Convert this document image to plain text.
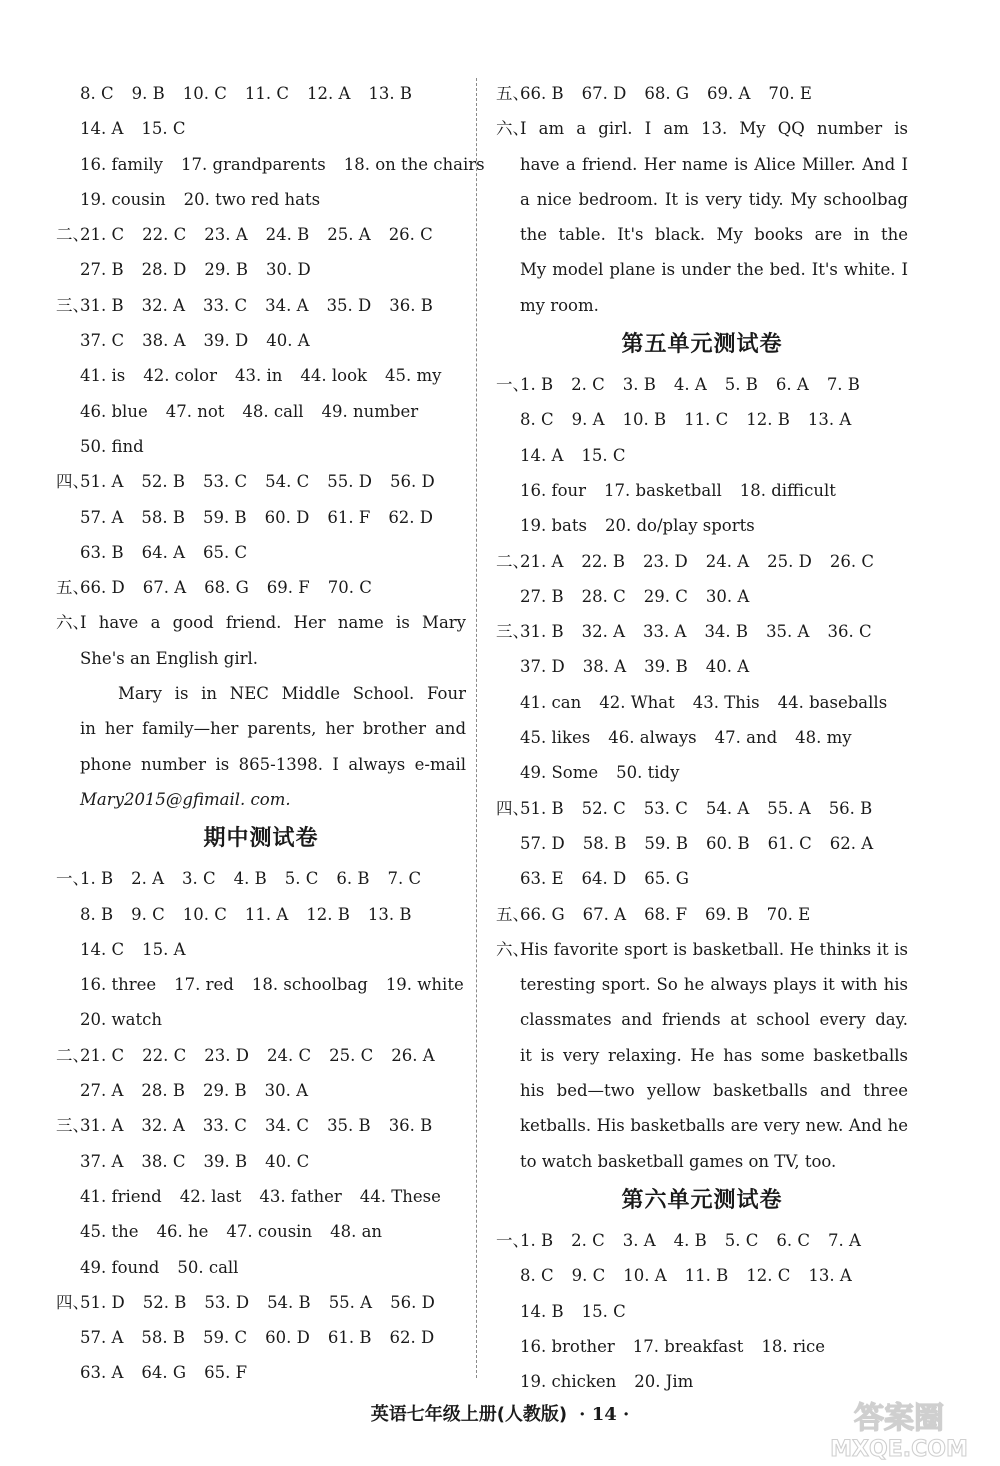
8. C 9. B 10. C 11. C 12. A 13. B
14. A 15. C
16. family 17. grandparents 18. on the chairs
19. cousin 20. two red hats
二、21. C 22. C 23. A 24. B 25. A 26. C
27. B 28. D 29. B 30. D
三、31. B 32. A 33. C 34. A 35. D 36. B
37. C 38. A 39. D 40. A
41. is 42. color 43. in 44. look 45. my
46. blue 47. not 48. call 49. number
50. find
四、51. A 52. B 53. C 54. C 55. D 56. D
57. A 58. B 59. B 60. D 61. F 62. D
63. B 64. A 65. C
五、66. D 67. A 68. G 69. F 70. C
六、I have a good friend. Her name is Mary
She's an English girl.
Mary is in NEC Middle School. Four
in her family—her parents, her brother and
phone number is 865-1398. I always e-mail
Mary2015@gfimail. com.
期中测试卷
一、1. B 2. A 3. C 4. B 5. C 6. B 7. C
8. B 9. C 10. C 11. A 12. B 13. B
14. C 15. A
16. three 17. red 18. schoolbag 19. white
20. watch
二、21. C 22. C 23. D 24. C 25. C 26. A
27. A 28. B 29. B 30. A
三、31. A 32. A 33. C 34. C 35. B 36. B
37. A 38. C 39. B 40. C
41. friend 42. last 43. father 44. These
45. the 46. he 47. cousin 48. an
49. found 50. call
四、51. D 52. B 53. D 54. B 55. A 56. D
57. A 58. B 59. C 60. D 61. B 62. D
63. A 64. G 65. F
五、66. B 67. D 68. G 69. A 70. E
六、I am a girl. I am 13. My QQ number is
have a friend. Her name is Alice Miller. And I
a nice bedroom. It is very tidy. My schoolbag
the table. It's black. My books are in the
My model plane is under the bed. It's white. I
my room.
第五单元测试卷
一、1. B 2. C 3. B 4. A 5. B 6. A 7. B
8. C 9. A 10. B 11. C 12. B 13. A
14. A 15. C
16. four 17. basketball 18. difficult
19. bats 20. do/play sports
二、21. A 22. B 23. D 24. A 25. D 26. C
27. B 28. C 29. C 30. A
三、31. B 32. A 33. A 34. B 35. A 36. C
37. D 38. A 39. B 40. A
41. can 42. What 43. This 44. baseballs
45. likes 46. always 47. and 48. my
49. Some 50. tidy
四、51. B 52. C 53. C 54. A 55. A 56. B
57. D 58. B 59. B 60. B 61. C 62. A
63. E 64. D 65. G
五、66. G 67. A 68. F 69. B 70. E
六、His favorite sport is basketball. He thinks it is
teresting sport. So he always plays it with his
classmates and friends at school every day.
it is very relaxing. He has some basketballs
his bed—two yellow basketballs and three
ketballs. His basketballs are very new. And he
to watch basketball games on TV, too.
第六单元测试卷
一、1. B 2. C 3. A 4. B 5. C 6. C 7. A
8. C 9. C 10. A 11. B 12. C 13. A
14. B 15. C
16. brother 17. breakfast 18. rice
19. chicken 20. Jim
英语七年级上册(人教版) · 14 ·	答案圈
MXQE.COM
